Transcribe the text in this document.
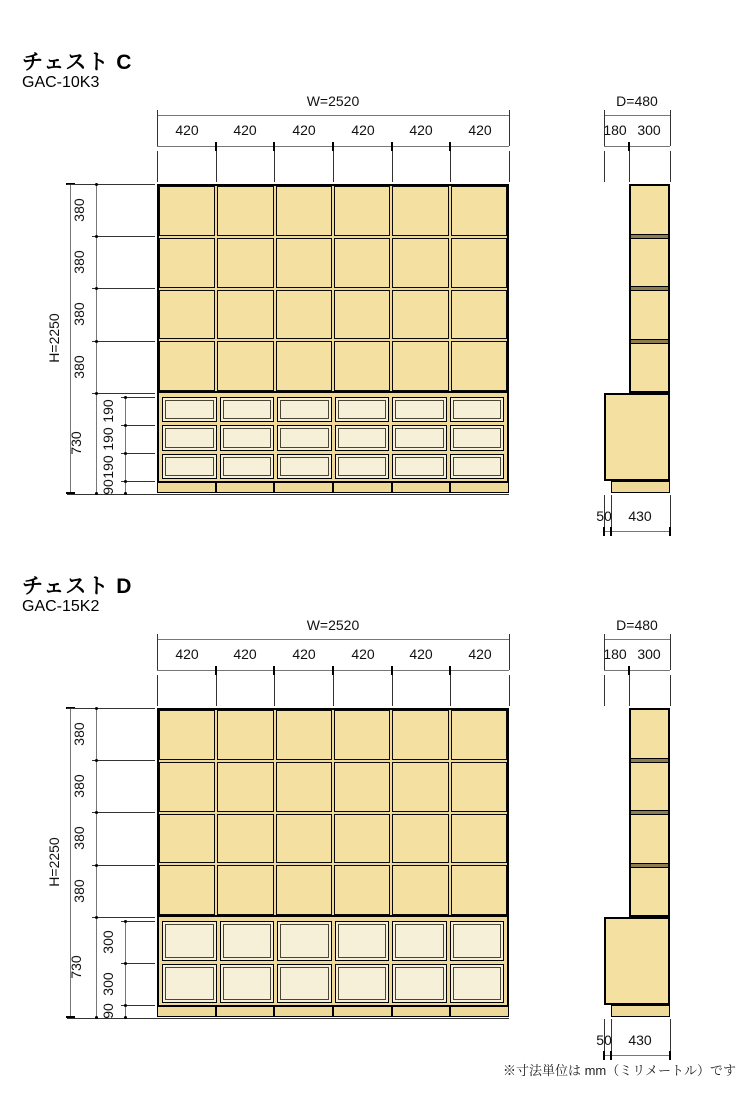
チェスト C
GAC-10K3
W=2520
420	420	420	420	420	420
H=2250
380
380
380
380
730
190
190
190
90
D=480
180 300
50	430
チェスト D
GAC-15K2
W=2520
420	420	420	420	420	420
H=2250
380
380
380
380
730
300
300
90
D=480
180 300
50	430
※寸法単位は mm（ミリメートル）です
